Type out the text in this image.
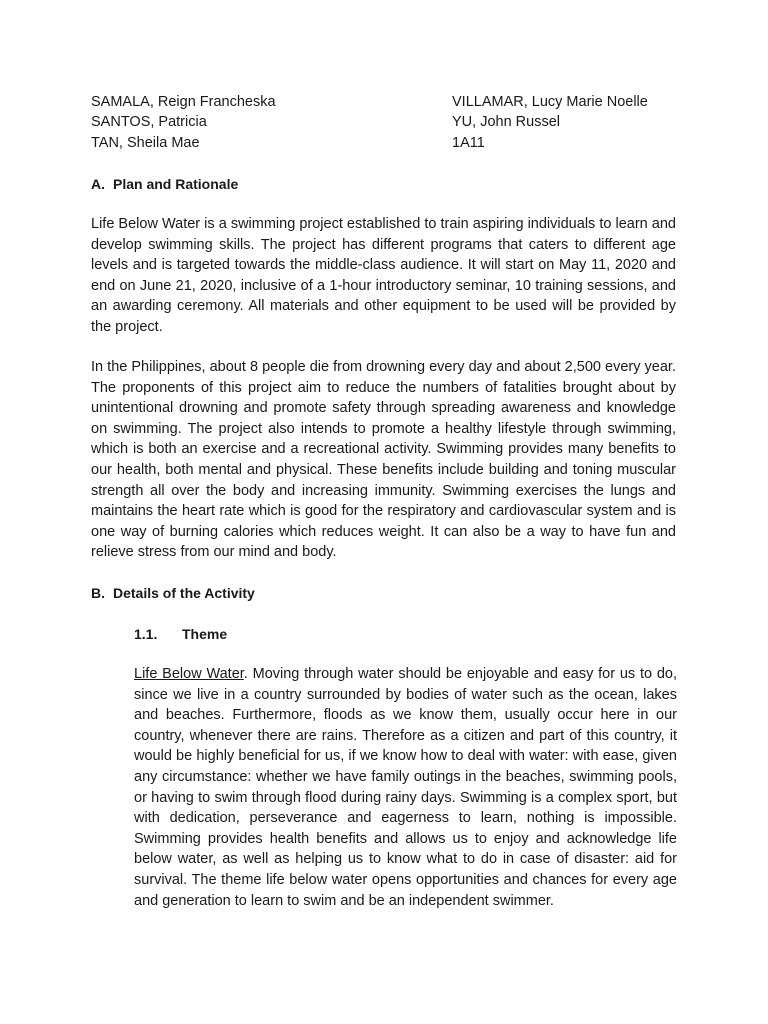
SAMALA, Reign Francheska
SANTOS, Patricia
TAN, Sheila Mae
VILLAMAR, Lucy Marie Noelle
YU, John Russel
1A11
A. Plan and Rationale

Life Below Water is a swimming project established to train aspiring individuals to learn and develop swimming skills. The project has different programs that caters to different age levels and is targeted towards the middle-class audience. It will start on May 11, 2020 and end on June 21, 2020, inclusive of a 1-hour introductory seminar, 10 training sessions, and an awarding ceremony. All materials and other equipment to be used will be provided by the project.

In the Philippines, about 8 people die from drowning every day and about 2,500 every year. The proponents of this project aim to reduce the numbers of fatalities brought about by unintentional drowning and promote safety through spreading awareness and knowledge on swimming. The project also intends to promote a healthy lifestyle through swimming, which is both an exercise and a recreational activity. Swimming provides many benefits to our health, both mental and physical. These benefits include building and toning muscular strength all over the body and increasing immunity. Swimming exercises the lungs and maintains the heart rate which is good for the respiratory and cardiovascular system and is one way of burning calories which reduces weight. It can also be a way to have fun and relieve stress from our mind and body.

B. Details of the Activity
1.1. Theme

Life Below Water. Moving through water should be enjoyable and easy for us to do, since we live in a country surrounded by bodies of water such as the ocean, lakes and beaches. Furthermore, floods as we know them, usually occur here in our country, whenever there are rains. Therefore as a citizen and part of this country, it would be highly beneficial for us, if we know how to deal with water: with ease, given any circumstance: whether we have family outings in the beaches, swimming pools, or having to swim through flood during rainy days. Swimming is a complex sport, but with dedication, perseverance and eagerness to learn, nothing is impossible. Swimming provides health benefits and allows us to enjoy and acknowledge life below water, as well as helping us to know what to do in case of disaster: aid for survival. The theme life below water opens opportunities and chances for every age and generation to learn to swim and be an independent swimmer.
